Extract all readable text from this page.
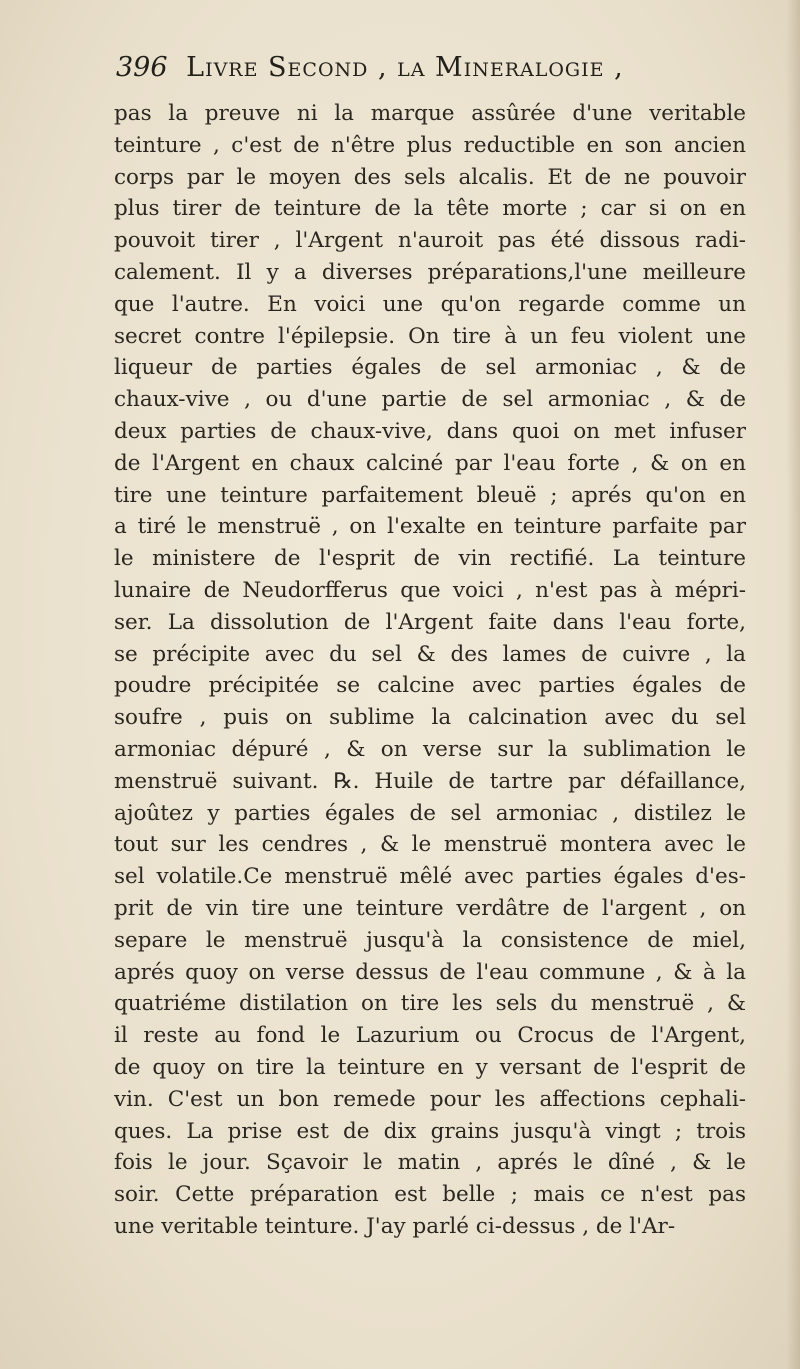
396 Livre Second , la Mineralogie ,
pas la preuve ni la marque assûrée d'une veritable
teinture , c'est de n'être plus reductible en son ancien
corps par le moyen des sels alcalis. Et de ne pouvoir
plus tirer de teinture de la tête morte ; car si on en
pouvoit tirer , l'Argent n'auroit pas été dissous radi-
calement. Il y a diverses préparations,l'une meilleure
que l'autre. En voici une qu'on regarde comme un
secret contre l'épilepsie. On tire à un feu violent une
liqueur de parties égales de sel armoniac , & de
chaux-vive , ou d'une partie de sel armoniac , & de
deux parties de chaux-vive, dans quoi on met infuser
de l'Argent en chaux calciné par l'eau forte , & on en
tire une teinture parfaitement bleuë ; aprés qu'on en
a tiré le menstruë , on l'exalte en teinture parfaite par
le ministere de l'esprit de vin rectifié. La teinture
lunaire de Neudorfferus que voici , n'est pas à mépri-
ser. La dissolution de l'Argent faite dans l'eau forte,
se précipite avec du sel & des lames de cuivre , la
poudre précipitée se calcine avec parties égales de
soufre , puis on sublime la calcination avec du sel
armoniac dépuré , & on verse sur la sublimation le
menstruë suivant. ℞. Huile de tartre par défaillance,
ajoûtez y parties égales de sel armoniac , distilez le
tout sur les cendres , & le menstruë montera avec le
sel volatile.Ce menstruë mêlé avec parties égales d'es-
prit de vin tire une teinture verdâtre de l'argent , on
separe le menstruë jusqu'à la consistence de miel,
aprés quoy on verse dessus de l'eau commune , & à la
quatriéme distilation on tire les sels du menstruë , &
il reste au fond le Lazurium ou Crocus de l'Argent,
de quoy on tire la teinture en y versant de l'esprit de
vin. C'est un bon remede pour les affections cephali-
ques. La prise est de dix grains jusqu'à vingt ; trois
fois le jour. Sçavoir le matin , aprés le dîné , & le
soir. Cette préparation est belle ; mais ce n'est pas
une veritable teinture. J'ay parlé ci-dessus , de l'Ar-
